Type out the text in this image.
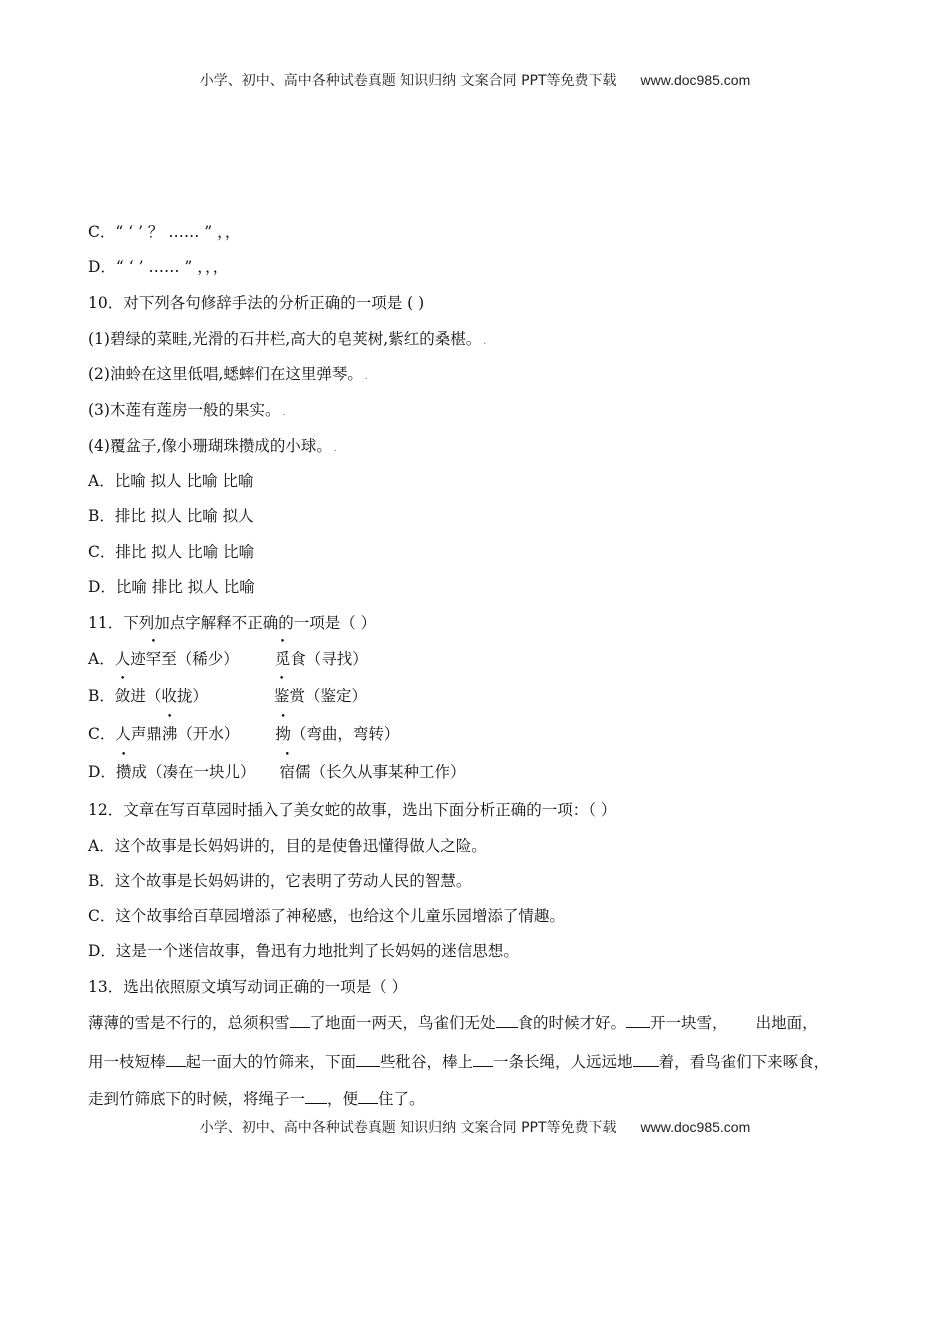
小学、初中、高中各种试卷真题 知识归纳 文案合同 PPT等免费下载 www.doc985.com
C．“ ‘ ’ ？ …… ” ，，
D．“ ‘ ’ …… ” ，，，
10．对下列各句修辞手法的分析正确的一项是 ( )
(1)碧绿的菜畦,光滑的石井栏,高大的皂荚树,紫红的桑椹。 .
(2)油蛉在这里低唱,蟋蟀们在这里弹琴。 .
(3)木莲有莲房一般的果实。 .
(4)覆盆子,像小珊瑚珠攒成的小球。 .
A．比喻 拟人 比喻 比喻
B．排比 拟人 比喻 拟人
C．排比 拟人 比喻 比喻
D．比喻 排比 拟人 比喻
11．下列加点字解释不正确的一项是（ ）
A．人迹罕至（稀少） 觅食（寻找）
B．敛进（收拢）	鉴赏（鉴定）
C．人声鼎沸（开水） 拗（弯曲，弯转）
D．攒成（凑在一块儿） 宿儒（长久从事某种工作）
12．文章在写百草园时插入了美女蛇的故事，选出下面分析正确的一项：（ ）
A．这个故事是长妈妈讲的，目的是使鲁迅懂得做人之险。
B．这个故事是长妈妈讲的，它表明了劳动人民的智慧。
C．这个故事给百草园增添了神秘感，也给这个儿童乐园增添了情趣。
D．这是一个迷信故事，鲁迅有力地批判了长妈妈的迷信思想。
13．选出依照原文填写动词正确的一项是（ ）
薄薄的雪是不行的，总须积雪 了地面一两天，鸟雀们无处 食的时候才好。 开一块雪， 出地面，
用一枝短棒 起一面大的竹筛来，下面 些秕谷，棒上 一条长绳，人远远地 着，看鸟雀们下来啄食，
走到竹筛底下的时候，将绳子一 ，便 住了。
小学、初中、高中各种试卷真题 知识归纳 文案合同 PPT等免费下载 www.doc985.com
